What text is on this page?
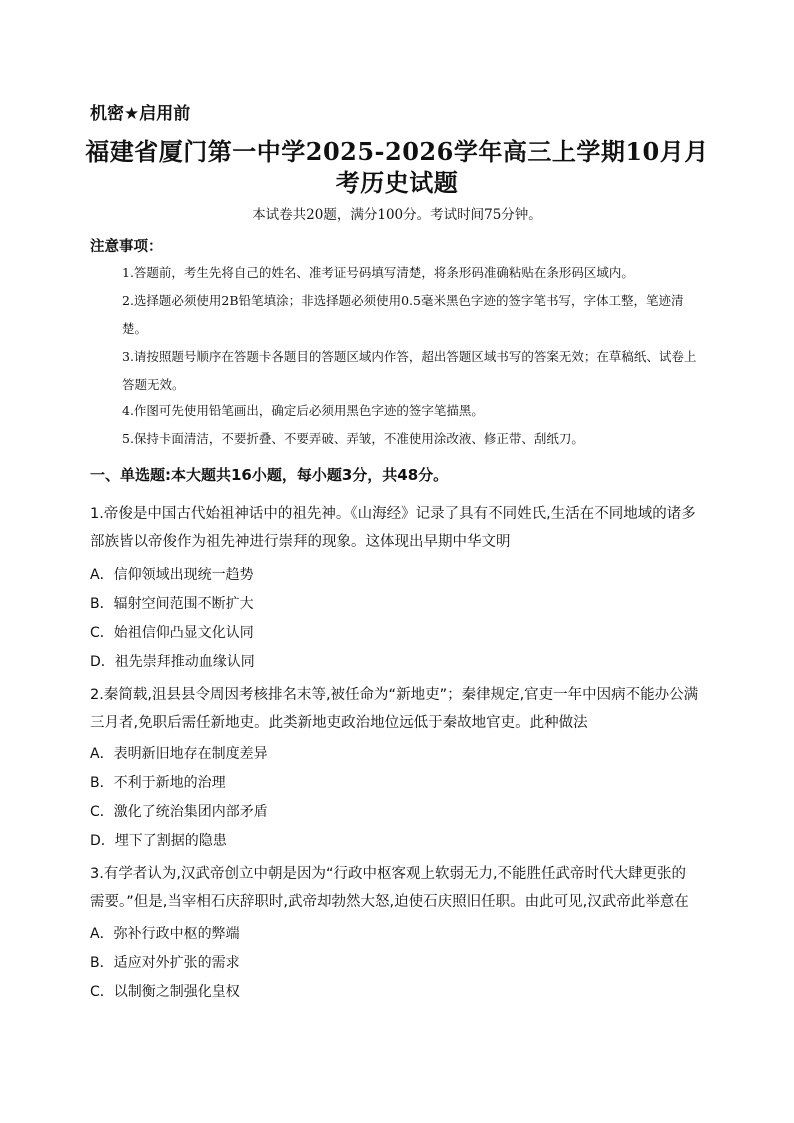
机密★启用前
福建省厦门第一中学2025-2026学年高三上学期10月月
考历史试题
本试卷共20题，满分100分。考试时间75分钟。
注意事项：
1.答题前，考生先将自己的姓名、准考证号码填写清楚，将条形码准确粘贴在条形码区域内。
2.选择题必须使用2B铅笔填涂；非选择题必须使用0.5毫米黑色字迹的签字笔书写，字体工整，笔迹清楚。
3.请按照题号顺序在答题卡各题目的答题区域内作答，超出答题区域书写的答案无效；在草稿纸、试卷上答题无效。
4.作图可先使用铅笔画出，确定后必须用黑色字迹的签字笔描黑。
5.保持卡面清洁，不要折叠、不要弄破、弄皱，不准使用涂改液、修正带、刮纸刀。
一、单选题:本大题共16小题，每小题3分，共48分。
1.帝俊是中国古代始祖神话中的祖先神。《山海经》记录了具有不同姓氏,生活在不同地域的诸多部族皆以帝俊作为祖先神进行崇拜的现象。这体现出早期中华文明
A．信仰领域出现统一趋势
B．辐射空间范围不断扩大
C．始祖信仰凸显文化认同
D．祖先崇拜推动血缘认同
2.秦简载,沮县县令周因考核排名末等,被任命为“新地吏”；秦律规定,官吏一年中因病不能办公满三月者,免职后需任新地吏。此类新地吏政治地位远低于秦故地官吏。此种做法
A．表明新旧地存在制度差异
B．不利于新地的治理
C．激化了统治集团内部矛盾
D．埋下了割据的隐患
3.有学者认为,汉武帝创立中朝是因为“行政中枢客观上软弱无力,不能胜任武帝时代大肆更张的需要。”但是,当宰相石庆辞职时,武帝却勃然大怒,迫使石庆照旧任职。由此可见,汉武帝此举意在
A．弥补行政中枢的弊端
B．适应对外扩张的需求
C．以制衡之制强化皇权
